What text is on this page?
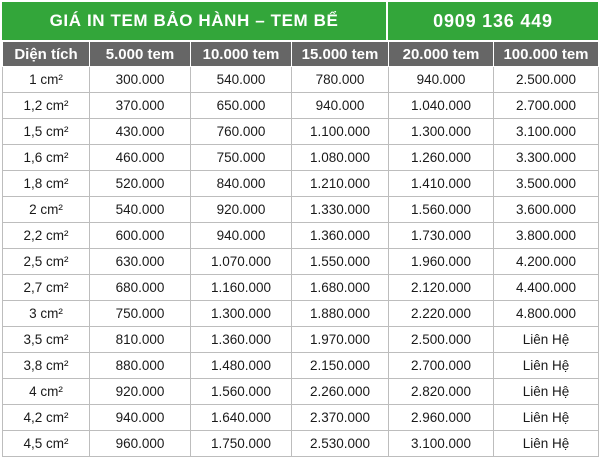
GIÁ IN TEM BẢO HÀNH – TEM BỂ	0909 136 449
Diện tích	5.000 tem	10.000 tem	15.000 tem	20.000 tem	100.000 tem
1 cm²	300.000	540.000	780.000	940.000	2.500.000
1,2 cm²	370.000	650.000	940.000	1.040.000	2.700.000
1,5 cm²	430.000	760.000	1.100.000	1.300.000	3.100.000
1,6 cm²	460.000	750.000	1.080.000	1.260.000	3.300.000
1,8 cm²	520.000	840.000	1.210.000	1.410.000	3.500.000
2 cm²	540.000	920.000	1.330.000	1.560.000	3.600.000
2,2 cm²	600.000	940.000	1.360.000	1.730.000	3.800.000
2,5 cm²	630.000	1.070.000	1.550.000	1.960.000	4.200.000
2,7 cm²	680.000	1.160.000	1.680.000	2.120.000	4.400.000
3 cm²	750.000	1.300.000	1.880.000	2.220.000	4.800.000
3,5 cm²	810.000	1.360.000	1.970.000	2.500.000	Liên Hệ
3,8 cm²	880.000	1.480.000	2.150.000	2.700.000	Liên Hệ
4 cm²	920.000	1.560.000	2.260.000	2.820.000	Liên Hệ
4,2 cm²	940.000	1.640.000	2.370.000	2.960.000	Liên Hệ
4,5 cm²	960.000	1.750.000	2.530.000	3.100.000	Liên Hệ
